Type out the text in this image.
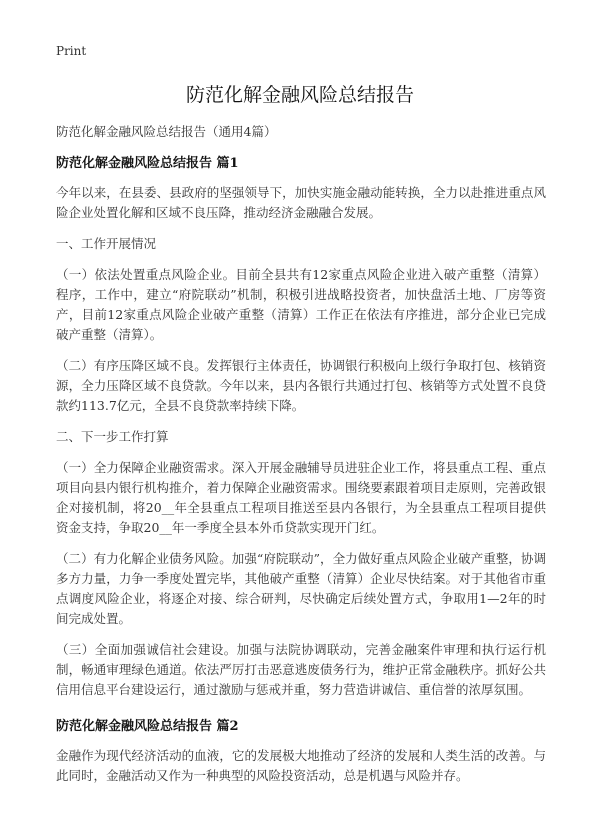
Print
防范化解金融风险总结报告
防范化解金融风险总结报告（通用4篇）
防范化解金融风险总结报告 篇1

今年以来，在县委、县政府的坚强领导下，加快实施金融动能转换，全力以赴推进重点风险企业处置化解和区域不良压降，推动经济金融融合发展。

一、工作开展情况

（一）依法处置重点风险企业。目前全县共有12家重点风险企业进入破产重整（清算）程序，工作中，建立“府院联动”机制，积极引进战略投资者，加快盘活土地、厂房等资产，目前12家重点风险企业破产重整（清算）工作正在依法有序推进，部分企业已完成破产重整（清算）。

（二）有序压降区域不良。发挥银行主体责任，协调银行积极向上级行争取打包、核销资源，全力压降区域不良贷款。今年以来，县内各银行共通过打包、核销等方式处置不良贷款约113.7亿元，全县不良贷款率持续下降。

二、下一步工作打算

（一）全力保障企业融资需求。深入开展金融辅导员进驻企业工作，将县重点工程、重点项目向县内银行机构推介，着力保障企业融资需求。围绕要素跟着项目走原则，完善政银企对接机制，将20__年全县重点工程项目推送至县内各银行，为全县重点工程项目提供资金支持，争取20__年一季度全县本外币贷款实现开门红。

（二）有力化解企业债务风险。加强“府院联动”，全力做好重点风险企业破产重整，协调多方力量，力争一季度处置完毕，其他破产重整（清算）企业尽快结案。对于其他省市重点调度风险企业，将逐企对接、综合研判，尽快确定后续处置方式，争取用1—2年的时间完成处置。

（三）全面加强诚信社会建设。加强与法院协调联动，完善金融案件审理和执行运行机制，畅通审理绿色通道。依法严厉打击恶意逃废债务行为，维护正常金融秩序。抓好公共信用信息平台建设运行，通过激励与惩戒并重，努力营造讲诚信、重信誉的浓厚氛围。

防范化解金融风险总结报告 篇2

金融作为现代经济活动的血液，它的发展极大地推动了经济的发展和人类生活的改善。与此同时，金融活动又作为一种典型的风险投资活动，总是机遇与风险并存。
